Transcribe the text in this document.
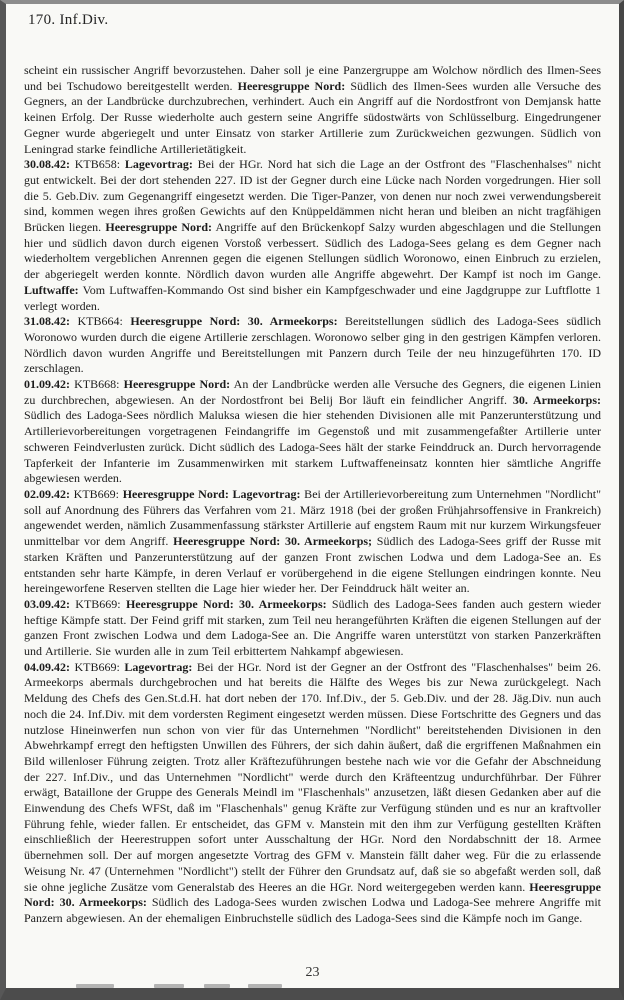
170. Inf.Div.

scheint ein russischer Angriff bevorzustehen. Daher soll je eine Panzergruppe am Wolchow nördlich des Ilmen-Sees und bei Tschudowo bereitgestellt werden. Heeresgruppe Nord: Südlich des Ilmen-Sees wurden alle Versuche des Gegners, an der Landbrücke durchzubrechen, verhindert. Auch ein Angriff auf die Nordostfront von Demjansk hatte keinen Erfolg. Der Russe wiederholte auch gestern seine Angriffe südostwärts von Schlüsselburg. Eingedrungener Gegner wurde abgeriegelt und unter Einsatz von starker Artillerie zum Zurückweichen gezwungen. Südlich von Leningrad starke feindliche Artillerietätigkeit.

30.08.42: KTB658: Lagevortrag: Bei der HGr. Nord hat sich die Lage an der Ostfront des "Flaschenhalses" nicht gut entwickelt. Bei der dort stehenden 227. ID ist der Gegner durch eine Lücke nach Norden vorgedrungen. Hier soll die 5. Geb.Div. zum Gegenangriff eingesetzt werden. Die Tiger-Panzer, von denen nur noch zwei verwendungsbereit sind, kommen wegen ihres großen Gewichts auf den Knüppeldämmen nicht heran und bleiben an nicht tragfähigen Brücken liegen. Heeresgruppe Nord: Angriffe auf den Brückenkopf Salzy wurden abgeschlagen und die Stellungen hier und südlich davon durch eigenen Vorstoß verbessert. Südlich des Ladoga-Sees gelang es dem Gegner nach wiederholtem vergeblichen Anrennen gegen die eigenen Stellungen südlich Woronowo, einen Einbruch zu erzielen, der abgeriegelt werden konnte. Nördlich davon wurden alle Angriffe abgewehrt. Der Kampf ist noch im Gange. Luftwaffe: Vom Luftwaffen-Kommando Ost sind bisher ein Kampfgeschwader und eine Jagdgruppe zur Luftflotte 1 verlegt worden.

31.08.42: KTB664: Heeresgruppe Nord: 30. Armeekorps: Bereitstellungen südlich des Ladoga-Sees südlich Woronowo wurden durch die eigene Artillerie zerschlagen. Woronowo selber ging in den gestrigen Kämpfen verloren. Nördlich davon wurden Angriffe und Bereitstellungen mit Panzern durch Teile der neu hinzugeführten 170. ID zerschlagen.

01.09.42: KTB668: Heeresgruppe Nord: An der Landbrücke werden alle Versuche des Gegners, die eigenen Linien zu durchbrechen, abgewiesen. An der Nordostfront bei Belij Bor läuft ein feindlicher Angriff. 30. Armeekorps: Südlich des Ladoga-Sees nördlich Maluksa wiesen die hier stehenden Divisionen alle mit Panzerunterstützung und Artillerievorbereitungen vorgetragenen Feindangriffe im Gegenstoß und mit zusammengefaßter Artillerie unter schweren Feindverlusten zurück. Dicht südlich des Ladoga-Sees hält der starke Feinddruck an. Durch hervorragende Tapferkeit der Infanterie im Zusammenwirken mit starkem Luftwaffeneinsatz konnten hier sämtliche Angriffe abgewiesen werden.

02.09.42: KTB669: Heeresgruppe Nord: Lagevortrag: Bei der Artillerievorbereitung zum Unternehmen "Nordlicht" soll auf Anordnung des Führers das Verfahren vom 21. März 1918 (bei der großen Frühjahrsoffensive in Frankreich) angewendet werden, nämlich Zusammenfassung stärkster Artillerie auf engstem Raum mit nur kurzem Wirkungsfeuer unmittelbar vor dem Angriff. Heeresgruppe Nord: 30. Armeekorps; Südlich des Ladoga-Sees griff der Russe mit starken Kräften und Panzerunterstützung auf der ganzen Front zwischen Lodwa und dem Ladoga-See an. Es entstanden sehr harte Kämpfe, in deren Verlauf er vorübergehend in die eigene Stellungen eindringen konnte. Neu hereingeworfene Reserven stellten die Lage hier wieder her. Der Feinddruck hält weiter an.

03.09.42: KTB669: Heeresgruppe Nord: 30. Armeekorps: Südlich des Ladoga-Sees fanden auch gestern wieder heftige Kämpfe statt. Der Feind griff mit starken, zum Teil neu herangeführten Kräften die eigenen Stellungen auf der ganzen Front zwischen Lodwa und dem Ladoga-See an. Die Angriffe waren unterstützt von starken Panzerkräften und Artillerie. Sie wurden alle in zum Teil erbittertem Nahkampf abgewiesen.

04.09.42: KTB669: Lagevortrag: Bei der HGr. Nord ist der Gegner an der Ostfront des "Flaschenhalses" beim 26. Armeekorps abermals durchgebrochen und hat bereits die Hälfte des Weges bis zur Newa zurückgelegt. Nach Meldung des Chefs des Gen.St.d.H. hat dort neben der 170. Inf.Div., der 5. Geb.Div. und der 28. Jäg.Div. nun auch noch die 24. Inf.Div. mit dem vordersten Regiment eingesetzt werden müssen. Diese Fortschritte des Gegners und das nutzlose Hineinwerfen nun schon von vier für das Unternehmen "Nordlicht" bereitstehenden Divisionen in den Abwehrkampf erregt den heftigsten Unwillen des Führers, der sich dahin äußert, daß die ergriffenen Maßnahmen ein Bild willenloser Führung zeigten. Trotz aller Kräftezuführungen bestehe nach wie vor die Gefahr der Abschneidung der 227. Inf.Div., und das Unternehmen "Nordlicht" werde durch den Kräfteentzug undurchführbar. Der Führer erwägt, Bataillone der Gruppe des Generals Meindl im "Flaschenhals" anzusetzen, läßt diesen Gedanken aber auf die Einwendung des Chefs WFSt, daß im "Flaschenhals" genug Kräfte zur Verfügung stünden und es nur an kraftvoller Führung fehle, wieder fallen. Er entscheidet, das GFM v. Manstein mit den ihm zur Verfügung gestellten Kräften einschließlich der Heerestruppen sofort unter Ausschaltung der HGr. Nord den Nordabschnitt der 18. Armee übernehmen soll. Der auf morgen angesetzte Vortrag des GFM v. Manstein fällt daher weg. Für die zu erlassende Weisung Nr. 47 (Unternehmen "Nordlicht") stellt der Führer den Grundsatz auf, daß sie so abgefaßt werden soll, daß sie ohne jegliche Zusätze vom Generalstab des Heeres an die HGr. Nord weitergegeben werden kann. Heeresgruppe Nord: 30. Armeekorps: Südlich des Ladoga-Sees wurden zwischen Lodwa und Ladoga-See mehrere Angriffe mit Panzern abgewiesen. An der ehemaligen Einbruchstelle südlich des Ladoga-Sees sind die Kämpfe noch im Gange.

23
